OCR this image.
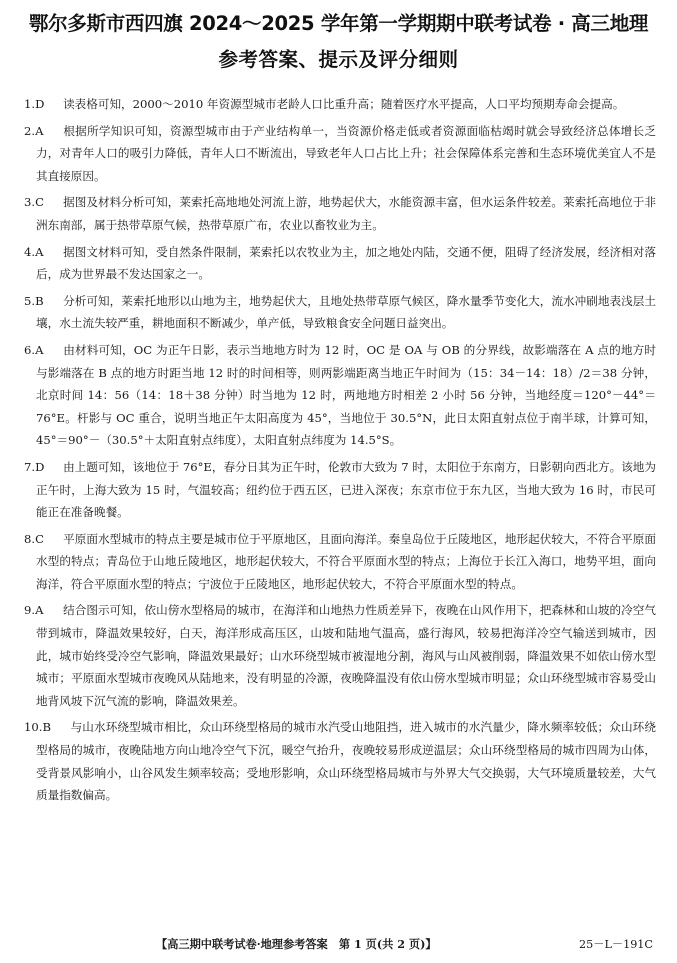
鄂尔多斯市西四旗 2024～2025 学年第一学期期中联考试卷 · 高三地理
参考答案、提示及评分细则
1.D 读表格可知，2000～2010 年资源型城市老龄人口比重升高；随着医疗水平提高，人口平均预期寿命会提高。
2.A 根据所学知识可知，资源型城市由于产业结构单一，当资源价格走低或者资源面临枯竭时就会导致经济总体增长乏力，对青年人口的吸引力降低，青年人口不断流出，导致老年人口占比上升；社会保障体系完善和生态环境优美宜人不是其直接原因。
3.C 据图及材料分析可知，莱索托高地地处河流上游，地势起伏大，水能资源丰富，但水运条件较差。莱索托高地位于非洲东南部，属于热带草原气候，热带草原广布，农业以畜牧业为主。
4.A 据图文材料可知，受自然条件限制，莱索托以农牧业为主，加之地处内陆，交通不便，阻碍了经济发展，经济相对落后，成为世界最不发达国家之一。
5.B 分析可知，莱索托地形以山地为主，地势起伏大，且地处热带草原气候区，降水量季节变化大，流水冲刷地表浅层土壤，水土流失较严重，耕地面积不断减少，单产低，导致粮食安全问题日益突出。
6.A 由材料可知，OC 为正午日影，表示当地地方时为 12 时，OC 是 OA 与 OB 的分界线，故影端落在 A 点的地方时与影端落在 B 点的地方时距当地 12 时的时间相等，则两影端距离当地正午时间为（15：34－14：18）/2＝38 分钟，北京时间 14：56（14：18＋38 分钟）时当地为 12 时，两地地方时相差 2 小时 56 分钟，当地经度＝120°－44°＝76°E。杆影与 OC 重合，说明当地正午太阳高度为 45°，当地位于 30.5°N，此日太阳直射点位于南半球，计算可知，45°＝90°－（30.5°＋太阳直射点纬度），太阳直射点纬度为 14.5°S。
7.D 由上题可知，该地位于 76°E，春分日其为正午时，伦敦市大致为 7 时，太阳位于东南方，日影朝向西北方。该地为正午时，上海大致为 15 时，气温较高；纽约位于西五区，已进入深夜；东京市位于东九区，当地大致为 16 时，市民可能正在准备晚餐。
8.C 平原面水型城市的特点主要是城市位于平原地区，且面向海洋。秦皇岛位于丘陵地区，地形起伏较大，不符合平原面水型的特点；青岛位于山地丘陵地区，地形起伏较大，不符合平原面水型的特点；上海位于长江入海口，地势平坦，面向海洋，符合平原面水型的特点；宁波位于丘陵地区，地形起伏较大，不符合平原面水型的特点。
9.A 结合图示可知，依山傍水型格局的城市，在海洋和山地热力性质差异下，夜晚在山风作用下，把森林和山坡的冷空气带到城市，降温效果较好，白天，海洋形成高压区，山坡和陆地气温高，盛行海风，较易把海洋冷空气输送到城市，因此，城市始终受冷空气影响，降温效果最好；山水环绕型城市被湿地分割，海风与山风被削弱，降温效果不如依山傍水型城市；平原面水型城市夜晚风从陆地来，没有明显的冷源，夜晚降温没有依山傍水型城市明显；众山环绕型城市容易受山地背风坡下沉气流的影响，降温效果差。
10.B 与山水环绕型城市相比，众山环绕型格局的城市水汽受山地阻挡，进入城市的水汽量少，降水频率较低；众山环绕型格局的城市，夜晚陆地方向山地冷空气下沉，暖空气抬升，夜晚较易形成逆温层；众山环绕型格局的城市四周为山体，受背景风影响小，山谷风发生频率较高；受地形影响，众山环绕型格局城市与外界大气交换弱，大气环境质量较差，大气质量指数偏高。
【高三期中联考试卷·地理参考答案　第 1 页(共 2 页)】	25－L－191C
